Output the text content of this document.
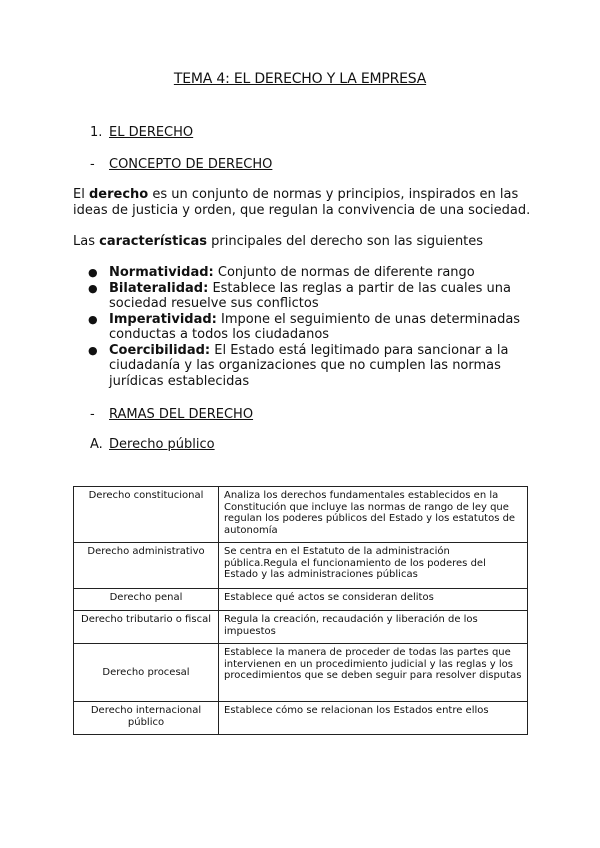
TEMA 4: EL DERECHO Y LA EMPRESA
1. EL DERECHO
- CONCEPTO DE DERECHO
El derecho es un conjunto de normas y principios, inspirados en las ideas de justicia y orden, que regulan la convivencia de una sociedad.
Las características principales del derecho son las siguientes
● Normatividad: Conjunto de normas de diferente rango
● Bilateralidad: Establece las reglas a partir de las cuales una sociedad resuelve sus conflictos
● Imperatividad: Impone el seguimiento de unas determinadas conductas a todos los ciudadanos
● Coercibilidad: El Estado está legitimado para sancionar a la ciudadanía y las organizaciones que no cumplen las normas jurídicas establecidas
- RAMAS DEL DERECHO
A. Derecho público
Derecho constitucional	Analiza los derechos fundamentales establecidos en la Constitución que incluye las normas de rango de ley que regulan los poderes públicos del Estado y los estatutos de autonomía
Derecho administrativo	Se centra en el Estatuto de la administración pública.Regula el funcionamiento de los poderes del Estado y las administraciones públicas
Derecho penal	Establece qué actos se consideran delitos
Derecho tributario o fiscal	Regula la creación, recaudación y liberación de los impuestos
Derecho procesal	Establece la manera de proceder de todas las partes que intervienen en un procedimiento judicial y las reglas y los procedimientos que se deben seguir para resolver disputas
Derecho internacional público	Establece cómo se relacionan los Estados entre ellos
